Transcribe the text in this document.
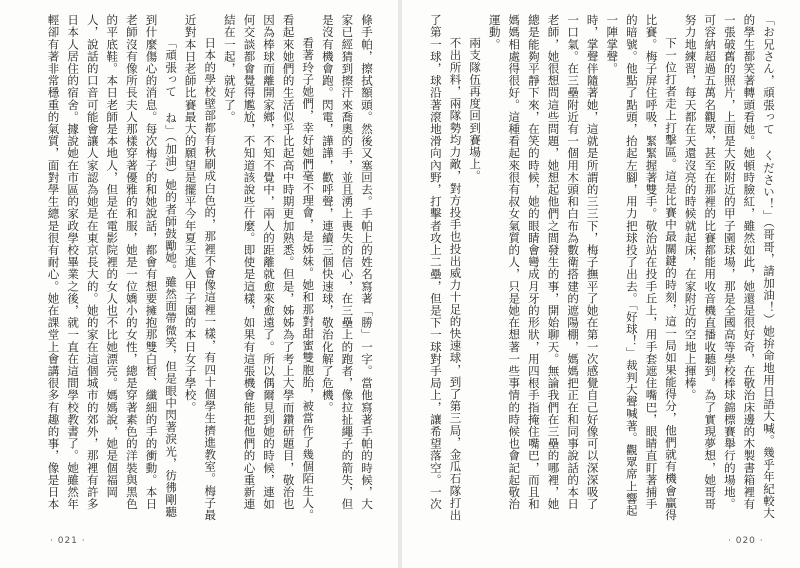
條手帕，擦拭額頭。然後又塞回去。手帕上的姓名寫著「勝」一字。當他寫著手帕的時候，大家已經猜到擦汗來喬奧的手，並且湧上喪失的信心，在三壘上的跑者，像拉扯繩子的箭失，但是沒有機會跑。閃電，譁譁，歡呼聲，連續三個快速球，敬治化解了危機。

看著玲子她們，幸好她們毫不理會，是姊妹。她和那對甜蜜雙胞胎，被當作了幾個陌生人。看起來她們的生活似乎比起高中時期更加熟悉。但是，姊姊為了考上大學而鑽研題目，敬治也因為棒球而離開家鄉，不知不覺中，兩人的距離就愈來愈遠了。所以偶爾見到她的時候，連如何交談都會覺得尷尬，不知道該說些什麼。即使是這樣，如果有這張機會能把他們的心重新連結在一起，就好了。

日本的學校壁部都有秋刷成白色的，那裡不會像這裡一樣，有四十個學生擠進教室。梅子最近對本日老師比賽最大的願望是擺平今年夏天進入甲子園的本日女子學校。

「頑張って ね」（加油）她的者師鼓勵她。雖然面帶微笑，但是眼中閃著淚光，彷彿剛聽到什麼傷心的消息。每次梅子的和她說話，都會有想要擁抱那雙白皙、纖細的手的衝動。本日老師沒有像所長夫人那樣穿著優雅的和服，她是一位嬌小的女性，總是穿著素色的洋裝與黑色的平底鞋。本日老師是本地人，但是在電影院裡的女人也不比她漂亮。媽媽說，她是個福岡人，說話的口音可能會讓人家認為她是在東京長大的。她的家在這個城市的郊外，那裡有許多日本人居住的宿舍。據說她在市區的家政學校畢業之後，就一直在這間學校教書了。她雖然年輕卻有著非常穩重的氣質，面對學生總是很有耐心。她在課堂上會講很多有趣的事，像是日本

· 021 ·

「お兄さん，頑張って ください！」（哥哥，請加油！）她拚命地用日語大喊。幾乎年紀較大的學生都笑著轉頭看她。她頓時臉紅，雖然如此，她還是很好奇，在敬治床邊的木製書箱裡有一張破舊的照片，上面是大阪附近的甲子園球場，那是全國高等學校棒球錦標賽舉行的場地。可容納超過五萬名觀眾，甚至在那裡的比賽都能用收音機直播收聽到。為了實現夢想，她哥哥努力地練習，每天都在天還沒亮的時候就起床，在家附近的空地上揮棒。

下一位打者走上打擊區。這是比賽中最關鍵的時刻，這一局如果能得分，他們就有機會贏得比賽。梅子屏住呼吸，緊緊握著雙手。敬治站在投手丘上，用手套遮住嘴巴，眼睛直盯著捕手的暗號。他點了點頭，抬起左腳，用力把球投了出去。「好球！」裁判大聲喊著。觀眾席上響起一陣掌聲。

時，掌聲伴隨著她，這就是所謂的三三下，梅子撫平了她在第一次感覺自己好像可以深深吸了一口氣。在三壘附近有一個用木頭和白布為數衛搭建的遮陽棚，媽媽把正在和同事說話的本日老師，她很想問這些問題，她想起他們之間發生的事，開始聊天。無論我們在三壘的哪裡，她總是能夠平靜下來，在笑的時候，她的眼睛會彎成月牙的形狀，用四根手指掩住嘴巴，而且和媽媽相處得很好。這種看起來很有叔女氣質的人，只是她在想著一些事情的時候也會記起敬治運動。

兩支隊伍再度回到賽場上。

不出所料，兩隊勢均力敵，對方投手也投出威力十足的快速球，到了第三局，金瓜石隊打出了第一球，球沿著滾地滑向內野，打擊者攻上二壘，但是下一球對手局上，讓希望落空。一次

· 020 ·
